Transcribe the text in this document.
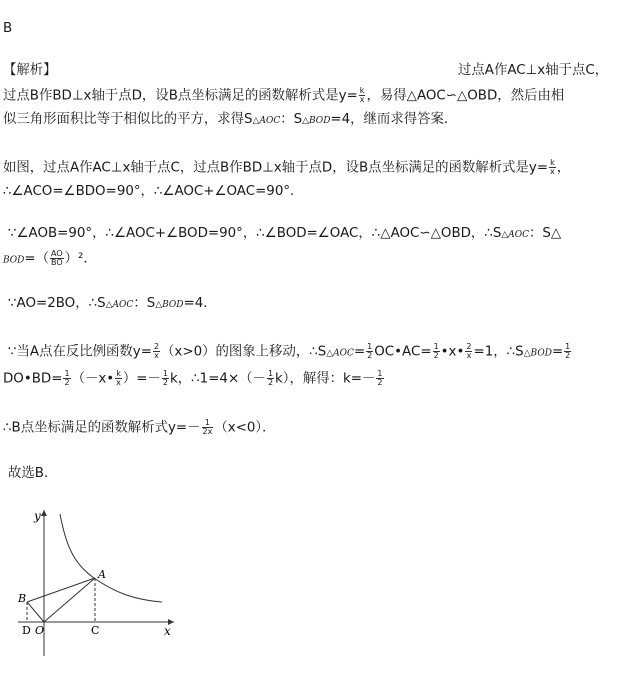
B
【解析】	过点A作AC⊥x轴于点C，
过点B作BD⊥x轴于点D，设B点坐标满足的函数解析式是$y= \frac{k}{x}$ ，易得△AOC∽△OBD，然后由相
似三角形面积比等于相似比的平方，求得S△AOC：S△BOD=4，继而求得答案．
如图，过点A作AC⊥x轴于点C，过点B作BD⊥x轴于点D，设B点坐标满足的函数解析式是$y= \frac{k}{x}$ ，
∴∠ACO=∠BDO=90°，∴∠AOC+∠OAC=90°．
∵∠AOB=90°，∴∠AOC+∠BOD=90°，∴∠BOD=∠OAC，∴△AOC∽△OBD，∴S△AOC：S△
$BOD=( \frac{AO}{BO} )^2$．
∵AO=2BO，∴S△AOC：S△BOD=4．
∵当A点在反比例函数$y= \frac{2}{x} (x>0)$的图象上移动，∴S△AOC= $\frac{1}{2}$ OC•AC= $\frac{1}{2}$ •x• $\frac{2}{x} =1$，∴S△BOD= $\frac{1}{2}$
DO•BD= $\frac{1}{2}$ （－x• $\frac{k}{x}$ ）=－ $\frac{1}{2}$ k，∴1=4×（－ $\frac{1}{2} k$），解得：$k=- \frac{1}{2}$
∴B点坐标满足的函数解析式$y=- \frac{1}{2x} (x<0)$．
故选B．
y
x
A
B
D O	C
